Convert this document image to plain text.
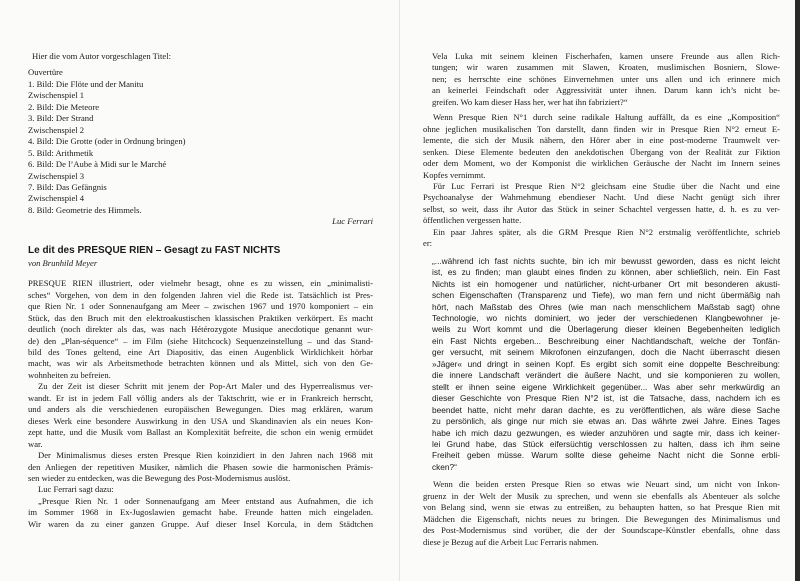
Hier die vom Autor vorgeschlagen Titel:
Ouvertüre
1. Bild: Die Flöte und der Manitu
Zwischenspiel 1
2. Bild: Die Meteore
3. Bild: Der Strand
Zwischenspiel 2
4. Bild: Die Grotte (oder in Ordnung bringen)
5. Bild: Arithmetik
6. Bild: De l’Aube à Midi sur le Marché
Zwischenspiel 3
7. Bild: Das Gefängnis
Zwischenspiel 4
8. Bild: Geometrie des Himmels.
Luc Ferrari
Le dit des PRESQUE RIEN – Gesagt zu FAST NICHTS
von Brunhild Meyer
PRESQUE RIEN illustriert, oder vielmehr besagt, ohne es zu wissen, ein „minimalisti-
sches“ Vorgehen, von dem in den folgenden Jahren viel die Rede ist. Tatsächlich ist Pres-
que Rien Nr. 1 oder Sonnenaufgang am Meer – zwischen 1967 und 1970 komponiert – ein
Stück, das den Bruch mit den elektroakustischen klassischen Praktiken verkörpert. Es macht
deutlich (noch direkter als das, was nach Hétérozygote Musique anecdotique genannt wur-
de) den „Plan-séquence“ – im Film (siehe Hitchcock) Sequenzeinstellung – und das Stand-
bild des Tones geltend, eine Art Diapositiv, das einen Augenblick Wirklichkeit hörbar
macht, was wir als Arbeitsmethode betrachten können und als Mittel, sich von den Ge-
wohnheiten zu befreien.
Zu der Zeit ist dieser Schritt mit jenem der Pop-Art Maler und des Hyperrealismus ver-
wandt. Er ist in jedem Fall völlig anders als der Taktschritt, wie er in Frankreich herrscht,
und anders als die verschiedenen europäischen Bewegungen. Dies mag erklären, warum
dieses Werk eine besondere Auswirkung in den USA und Skandinavien als ein neues Kon-
zept hatte, und die Musik vom Ballast an Komplexität befreite, die schon ein wenig ermüdet
war.
Der Minimalismus dieses ersten Presque Rien koinzidiert in den Jahren nach 1968 mit
den Anliegen der repetitiven Musiker, nämlich die Phasen sowie die harmonischen Prämis-
sen wieder zu entdecken, was die Bewegung des Post-Modernismus auslöst.
Luc Ferrari sagt dazu:
„Presque Rien Nr. 1 oder Sonnenaufgang am Meer entstand aus Aufnahmen, die ich
im Sommer 1968 in Ex-Jugoslawien gemacht habe. Freunde hatten mich eingeladen.
Wir waren da zu einer ganzen Gruppe. Auf dieser Insel Korcula, in dem Städtchen
Vela Luka mit seinem kleinen Fischerhafen, kamen unsere Freunde aus allen Rich-
tungen; wir waren zusammen mit Slawen, Kroaten, muslimischen Bosniern, Slowe-
nen; es herrschte eine schönes Einvernehmen unter uns allen und ich erinnere mich
an keinerlei Feindschaft oder Aggressivität unter ihnen. Darum kann ich’s nicht be-
greifen. Wo kam dieser Hass her, wer hat ihn fabriziert?“
Wenn Presque Rien N°1 durch seine radikale Haltung auffällt, da es eine „Komposition“
ohne jeglichen musikalischen Ton darstellt, dann finden wir in Presque Rien N°2 erneut E-
lemente, die sich der Musik nähern, den Hörer aber in eine post-moderne Traumwelt ver-
senken. Diese Elemente bedeuten den anekdotischen Übergang von der Realität zur Fiktion
oder dem Moment, wo der Komponist die wirklichen Geräusche der Nacht im Innern seines
Kopfes vernimmt.
Für Luc Ferrari ist Presque Rien N°2 gleichsam eine Studie über die Nacht und eine
Psychoanalyse der Wahrnehmung ebendieser Nacht. Und diese Nacht genügt sich ihrer
selbst, so weit, dass ihr Autor das Stück in seiner Schachtel vergessen hatte, d. h. es zu ver-
öffentlichen vergessen hatte.
Ein paar Jahres später, als die GRM Presque Rien N°2 erstmalig veröffentlichte, schrieb
er:
„...während ich fast nichts suchte, bin ich mir bewusst geworden, dass es nicht leicht
ist, es zu finden; man glaubt eines finden zu können, aber schließlich, nein. Ein Fast
Nichts ist ein homogener und natürlicher, nicht-urbaner Ort mit besonderen akusti-
schen Eigenschaften (Transparenz und Tiefe), wo man fern und nicht übermäßig nah
hört, nach Maßstab des Ohres (wie man nach menschlichem Maßstab sagt) ohne
Technologie, wo nichts dominiert, wo jeder der verschiedenen Klangbewohner je-
weils zu Wort kommt und die Überlagerung dieser kleinen Begebenheiten lediglich
ein Fast Nichts ergeben... Beschreibung einer Nachtlandschaft, welche der Tonfän-
ger versucht, mit seinem Mikrofonen einzufangen, doch die Nacht überrascht diesen
»Jäger« und dringt in seinen Kopf. Es ergibt sich somit eine doppelte Beschreibung:
die innere Landschaft verändert die äußere Nacht, und sie komponieren zu wollen,
stellt er ihnen seine eigene Wirklichkeit gegenüber... Was aber sehr merkwürdig an
dieser Geschichte von Presque Rien N°2 ist, ist die Tatsache, dass, nachdem ich es
beendet hatte, nicht mehr daran dachte, es zu veröffentlichen, als wäre diese Sache
zu persönlich, als ginge nur mich sie etwas an. Das währte zwei Jahre. Eines Tages
habe ich mich dazu gezwungen, es wieder anzuhören und sagte mir, dass ich keiner-
lei Grund habe, das Stück eifersüchtig verschlossen zu halten, dass ich ihm seine
Freiheit geben müsse. Warum sollte diese geheime Nacht nicht die Sonne erbli-
cken?“
Wenn die beiden ersten Presque Rien so etwas wie Neuart sind, um nicht von Inkon-
gruenz in der Welt der Musik zu sprechen, und wenn sie ebenfalls als Abenteuer als solche
von Belang sind, wenn sie etwas zu entreißen, zu behaupten hatten, so hat Presque Rien mit
Mädchen die Eigenschaft, nichts neues zu bringen. Die Bewegungen des Minimalismus und
des Post-Modernismus sind vorüber, die der der Soundscape-Künstler ebenfalls, ohne dass
diese je Bezug auf die Arbeit Luc Ferraris nahmen.
